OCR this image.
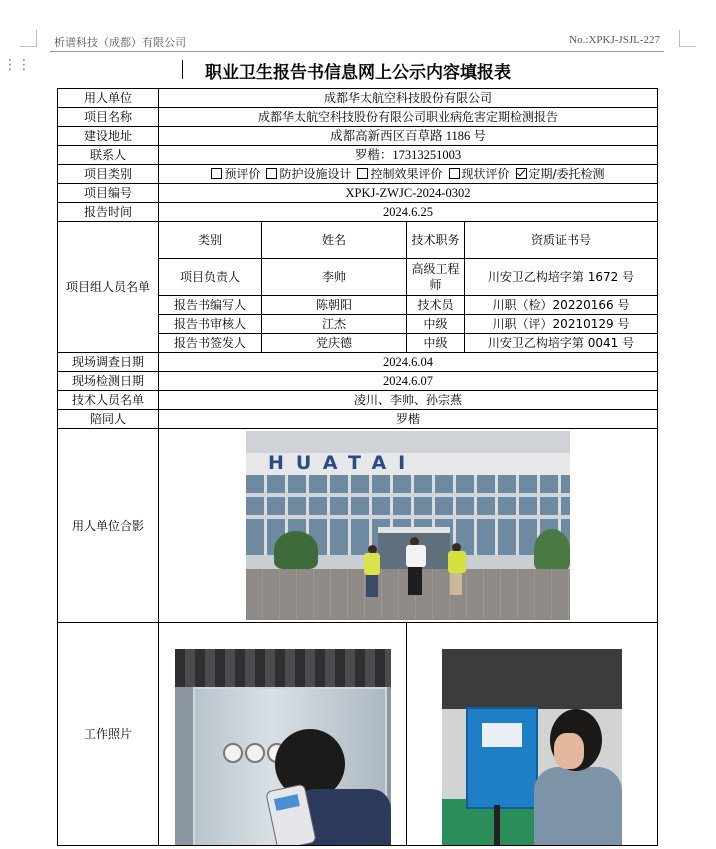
析谱科技（成都）有限公司	No.:XPKJ-JSJL-227
⋮⋮	职业卫生报告书信息网上公示内容填报表
用人单位	成都华太航空科技股份有限公司			
项目名称	成都华太航空科技股份有限公司职业病危害定期检测报告			
建设地址	成都高新西区百草路 1186 号			
联系人	罗楷：17313251003			
项目类别	预评价 防护设施设计 控制效果评价 现状评价 定期/委托检测			
项目编号	XPKJ-ZWJC-2024-0302			
报告时间	2024.6.25			
项目组人员名单	类别	姓名	技术职务	资质证书号
	项目负责人	李帅	高级工程师	川安卫乙构培字第 1672 号
	报告书编写人	陈朝阳	技术员	川职（检）20220166 号
	报告书审核人	江杰	中级	川职（评）20210129 号
	报告书签发人	党庆德	中级	川安卫乙构培字第 0041 号
现场调查日期	2024.6.04			
现场检测日期	2024.6.07			
技术人员名单	凌川、李帅、孙宗燕			
陪同人	罗楷			
用人单位合影	HUATAI			

工作照片			
